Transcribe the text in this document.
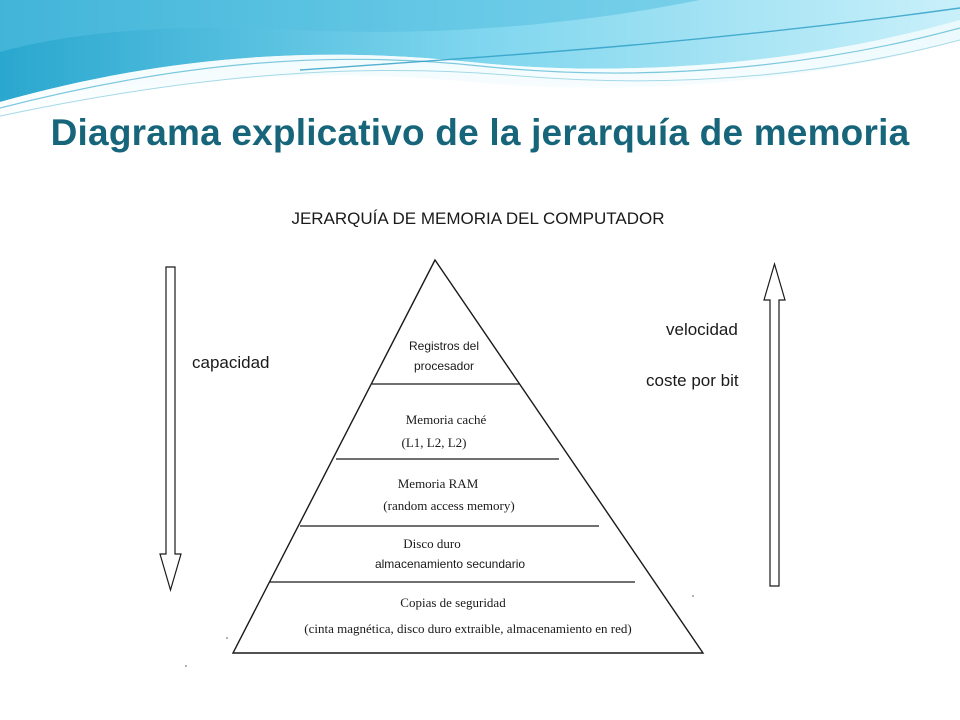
Diagrama explicativo de la jerarquía de memoria
JERARQUÍA DE MEMORIA DEL COMPUTADOR
capacidad
velocidad
coste por bit
Registros del
procesador
Memoria caché
(L1, L2, L2)
Memoria RAM
(random access memory)
Disco duro
almacenamiento secundario
Copias de seguridad
(cinta magnética, disco duro extraible, almacenamiento en red)
